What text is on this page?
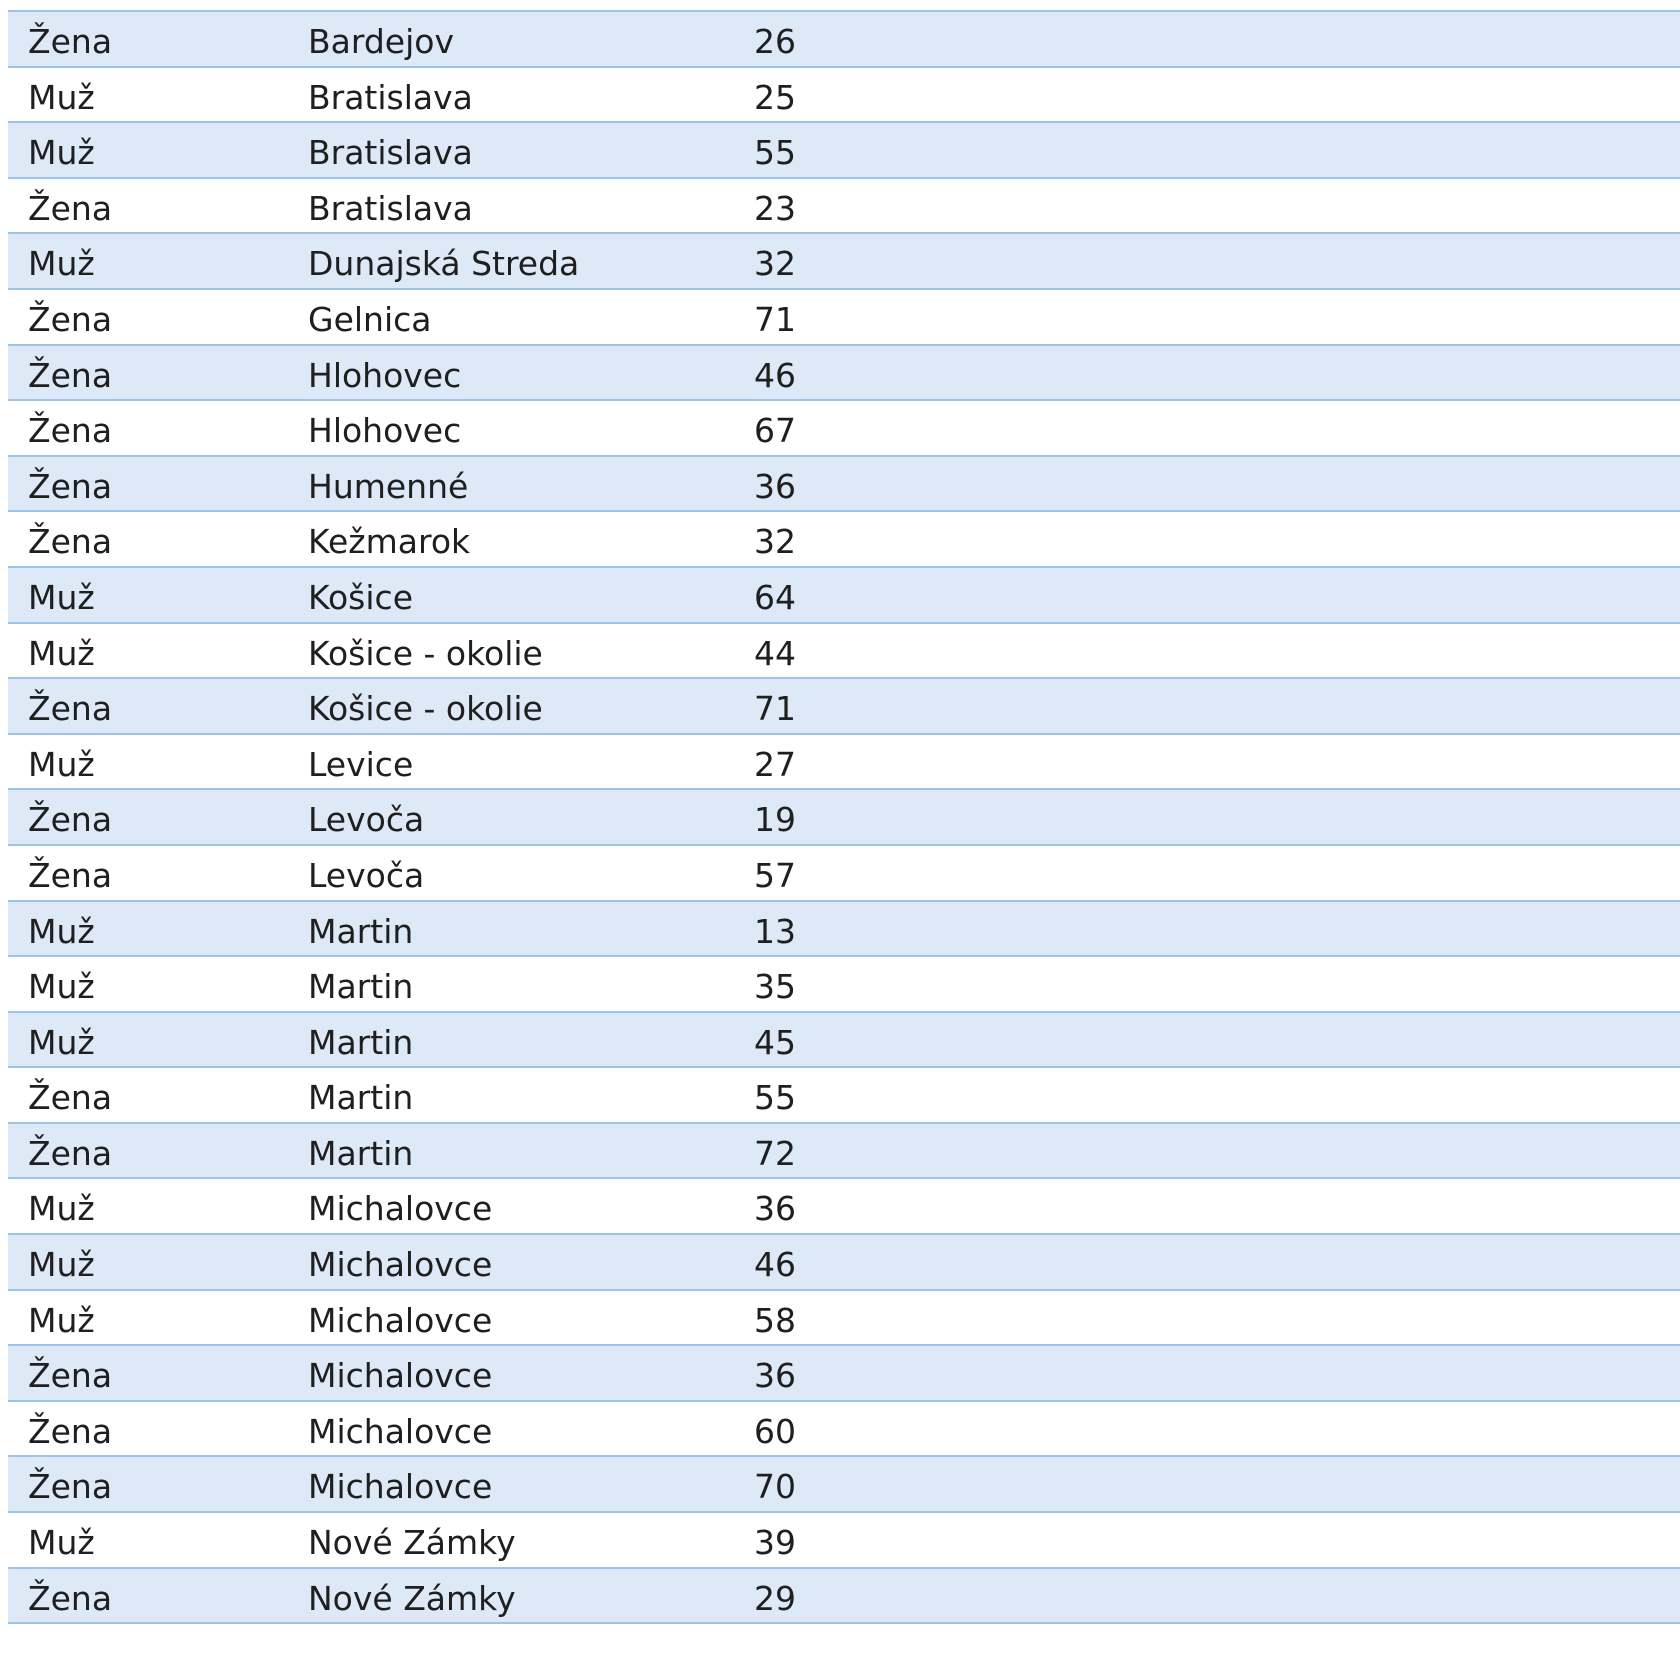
Žena	Bardejov	26
Muž	Bratislava	25
Muž	Bratislava	55
Žena	Bratislava	23
Muž	Dunajská Streda	32
Žena	Gelnica	71
Žena	Hlohovec	46
Žena	Hlohovec	67
Žena	Humenné	36
Žena	Kežmarok	32
Muž	Košice	64
Muž	Košice - okolie	44
Žena	Košice - okolie	71
Muž	Levice	27
Žena	Levoča	19
Žena	Levoča	57
Muž	Martin	13
Muž	Martin	35
Muž	Martin	45
Žena	Martin	55
Žena	Martin	72
Muž	Michalovce	36
Muž	Michalovce	46
Muž	Michalovce	58
Žena	Michalovce	36
Žena	Michalovce	60
Žena	Michalovce	70
Muž	Nové Zámky	39
Žena	Nové Zámky	29
